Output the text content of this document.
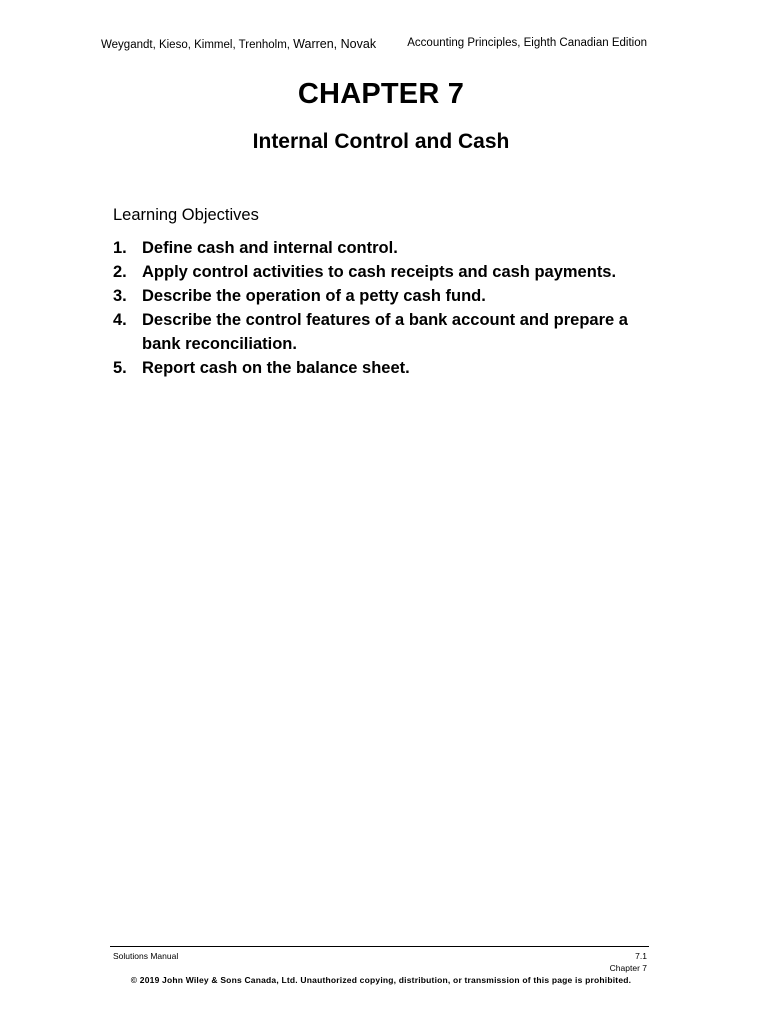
Weygandt, Kieso, Kimmel, Trenholm, Warren, Novak	Accounting Principles, Eighth Canadian Edition
CHAPTER 7
Internal Control and Cash
Learning Objectives
1. Define cash and internal control.
2. Apply control activities to cash receipts and cash payments.
3. Describe the operation of a petty cash fund.
4. Describe the control features of a bank account and prepare a bank reconciliation.
5. Report cash on the balance sheet.
Solutions Manual	7.1
Chapter 7
© 2019 John Wiley & Sons Canada, Ltd. Unauthorized copying, distribution, or transmission of this page is prohibited.
